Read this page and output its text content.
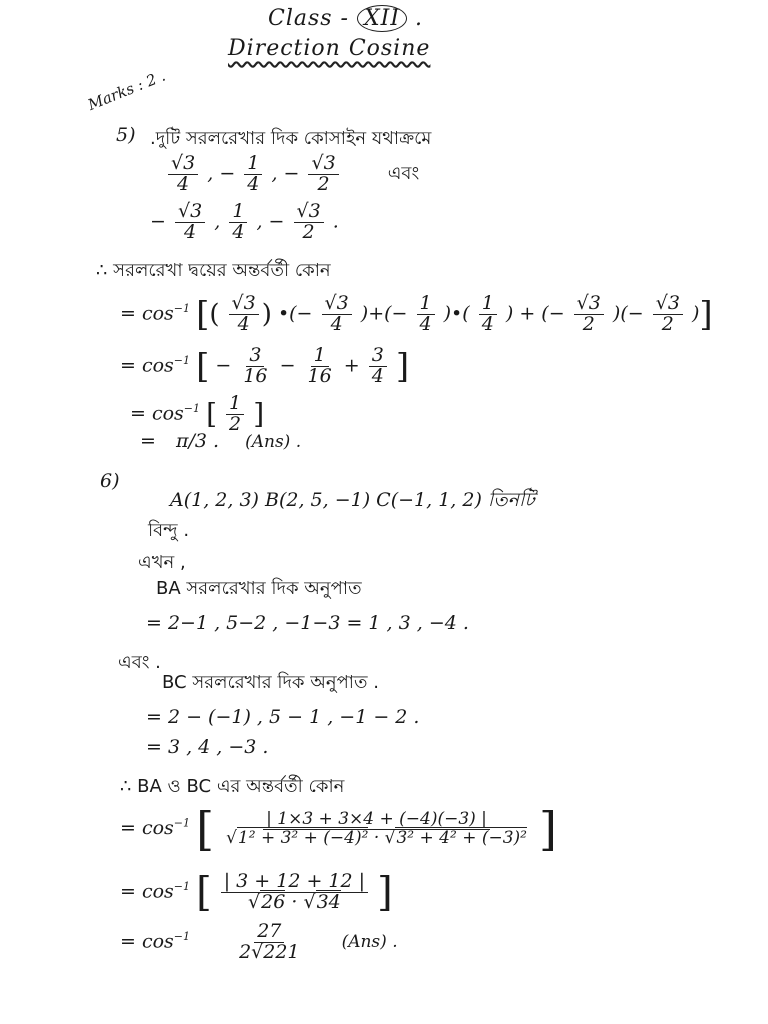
Class - XII .
Direction Cosine
Marks : 2 .
5) .দুটি সরলরেখার দিক কোসাইন যথাক্রমে
$\frac{√3}{4}$ , − $\frac{1}{4}$ , − $\frac{√3}{2}$	এবং
− $\frac{√3}{4}$ , $\frac{1}{4}$ , − $\frac{√3}{2}$ .
∴ সরলরেখা দ্বয়ের অন্তর্বর্তী কোন
= $\cos^{-1}$ [( $\frac{√3}{4}$ ) •(− $\frac{√3}{4}$ )+(− $\frac{1}{4}$ )•( $\frac{1}{4}$ ) + (− $\frac{√3}{2}$ )(− $\frac{√3}{2}$ )]
= $\cos^{-1}$ [ − $\frac{3}{16} - \frac{1}{16} + \frac{3}{4}$ ]
= $\cos^{-1}$ [ $\frac{1}{2}$ ]
= π/3 . (Ans) .
6)
A(1, 2, 3) B(2, 5, −1) C(−1, 1, 2) তিনটি
বিন্দু .
এখন ,
BA সরলরেখার দিক অনুপাত
= 2−1 , 5−2 , −1−3 = 1 , 3 , −4 .
এবং .
BC সরলরেখার দিক অনুপাত .
= 2 − (−1) , 5 − 1 , −1 − 2 .
= 3 , 4 , −3 .
∴ BA ও BC এর অন্তর্বর্তী কোন
= $\cos^{-1}$ [ $\frac{| 1\times 3 + 3\times 4 + (-4)(-3) |}{\text{√1² + 3² + (−4)² · √3² + 4² + (−3)²}}$ ]
= $\cos^{-1}$ [ $\frac{| 3 + 12 + 12 |}{√26 \cdot √34}$ ]
= $\cos^{-1} \frac{27}{2√221} (Ans)$ .
